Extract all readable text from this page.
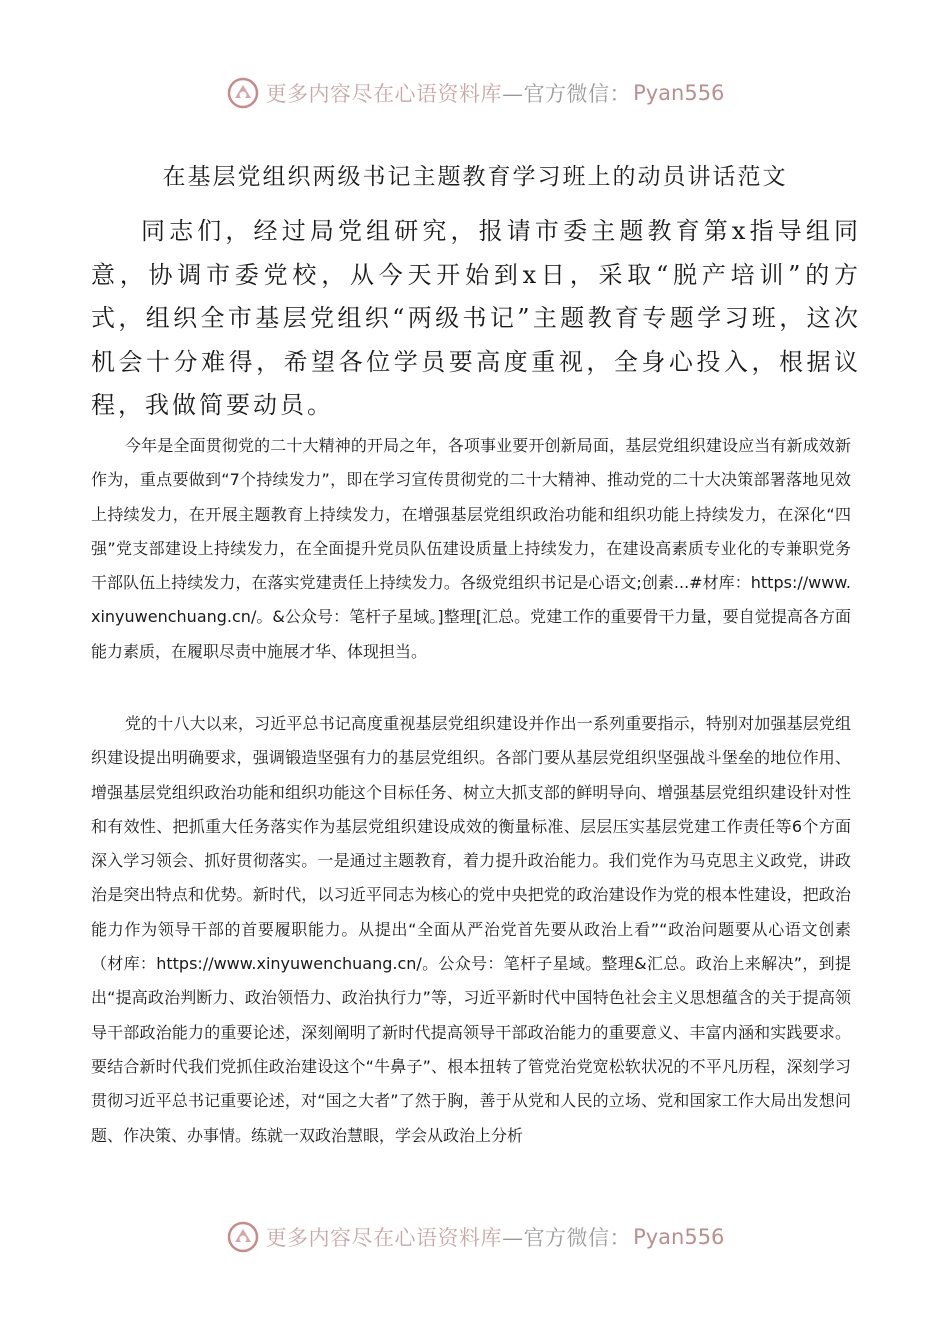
更多内容尽在心语资料库 —官方微信： Pyan556
在基层党组织两级书记主题教育学习班上的动员讲话范文

同志们，经过局党组研究，报请市委主题教育第x指导组同意，协调市委党校，从今天开始到x日，采取“脱产培训”的方式，组织全市基层党组织“两级书记”主题教育专题学习班，这次机会十分难得，希望各位学员要高度重视，全身心投入，根据议程，我做简要动员。

今年是全面贯彻党的二十大精神的开局之年，各项事业要开创新局面，基层党组织建设应当有新成效新作为，重点要做到“7个持续发力”，即在学习宣传贯彻党的二十大精神、推动党的二十大决策部署落地见效上持续发力，在开展主题教育上持续发力，在增强基层党组织政治功能和组织功能上持续发力，在深化“四强”党支部建设上持续发力，在全面提升党员队伍建设质量上持续发力，在建设高素质专业化的专兼职党务干部队伍上持续发力，在落实党建责任上持续发力。各级党组织书记是心语文;创素...#材库：https://www.xinyuwenchuang.cn/。&公众号：笔杆子星域。]整理[汇总。党建工作的重要骨干力量，要自觉提高各方面能力素质，在履职尽责中施展才华、体现担当。

党的十八大以来，习近平总书记高度重视基层党组织建设并作出一系列重要指示，特别对加强基层党组织建设提出明确要求，强调锻造坚强有力的基层党组织。各部门要从基层党组织坚强战斗堡垒的地位作用、增强基层党组织政治功能和组织功能这个目标任务、树立大抓支部的鲜明导向、增强基层党组织建设针对性和有效性、把抓重大任务落实作为基层党组织建设成效的衡量标准、层层压实基层党建工作责任等6个方面深入学习领会、抓好贯彻落实。一是通过主题教育，着力提升政治能力。我们党作为马克思主义政党，讲政治是突出特点和优势。新时代，以习近平同志为核心的党中央把党的政治建设作为党的根本性建设，把政治能力作为领导干部的首要履职能力。从提出“全面从严治党首先要从政治上看”“政治问题要从心语文创素（材库：https://www.xinyuwenchuang.cn/。公众号：笔杆子星域。整理&汇总。政治上来解决”，到提出“提高政治判断力、政治领悟力、政治执行力”等，习近平新时代中国特色社会主义思想蕴含的关于提高领导干部政治能力的重要论述，深刻阐明了新时代提高领导干部政治能力的重要意义、丰富内涵和实践要求。要结合新时代我们党抓住政治建设这个“牛鼻子”、根本扭转了管党治党宽松软状况的不平凡历程，深刻学习贯彻习近平总书记重要论述，对“国之大者”了然于胸，善于从党和人民的立场、党和国家工作大局出发想问题、作决策、办事情。练就一双政治慧眼，学会从政治上分析

更多内容尽在心语资料库 —官方微信： Pyan556
